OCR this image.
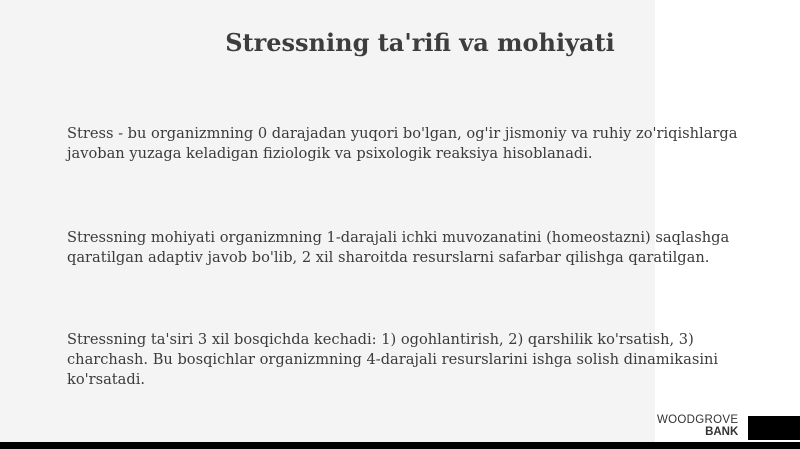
Stressning ta'rifi va mohiyati

Stress - bu organizmning 0 darajadan yuqori bo'lgan, og'ir jismoniy va ruhiy zo'riqishlarga javoban yuzaga keladigan fiziologik va psixologik reaksiya hisoblanadi.

Stressning mohiyati organizmning 1-darajali ichki muvozanatini (homeostazni) saqlashga qaratilgan adaptiv javob bo'lib, 2 xil sharoitda resurslarni safarbar qilishga qaratilgan.

Stressning ta'siri 3 xil bosqichda kechadi: 1) ogohlantirish, 2) qarshilik ko'rsatish, 3) charchash. Bu bosqichlar organizmning 4-darajali resurslarini ishga solish dinamikasini ko'rsatadi.

WOODGROVE
BANK
